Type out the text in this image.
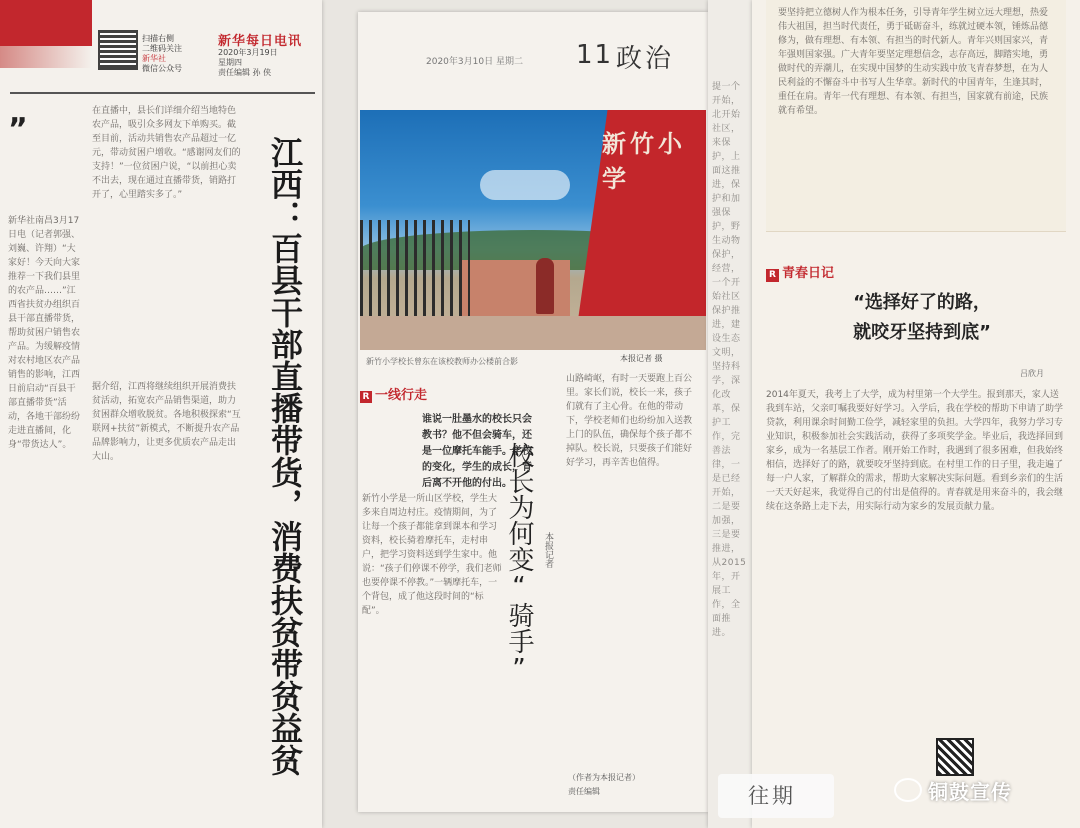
扫描右侧
二维码关注
新华社
微信公众号
新华每日电讯
2020年3月19日
星期四
责任编辑 孙 侠
”
新华社南昌3月17日电（记者郭强、刘巍、许翔）“大家好！今天向大家推荐一下我们县里的农产品……”江西省扶贫办组织百县干部直播带货，帮助贫困户销售农产品。为缓解疫情对农村地区农产品销售的影响，江西日前启动“百县干部直播带货”活动，各地干部纷纷走进直播间，化身“带货达人”。
在直播中，县长们详细介绍当地特色农产品，吸引众多网友下单购买。截至目前，活动共销售农产品超过一亿元，带动贫困户增收。“感谢网友们的支持！”一位贫困户说，“以前担心卖不出去，现在通过直播带货，销路打开了，心里踏实多了。”
据介绍，江西将继续组织开展消费扶贫活动，拓宽农产品销售渠道，助力贫困群众增收脱贫。各地积极探索“互联网+扶贫”新模式，不断提升农产品品牌影响力，让更多优质农产品走出大山。	江西：百县干部直播带货，消费扶贫带贫益贫
2020年3月10日 星期二 11 政治
新竹小学
新竹小学校长曾东在该校教师办公楼前合影	本报记者 摄
R 一线行走
谁说一肚墨水的校长只会教书？他不但会骑车，还是一位摩托车能手。学校的变化，学生的成长，背后离不开他的付出。
校长为何变“骑手” 本报记者
新竹小学是一所山区学校，学生大多来自周边村庄。疫情期间，为了让每一个孩子都能拿到课本和学习资料，校长骑着摩托车，走村串户，把学习资料送到学生家中。他说：“孩子们停课不停学，我们老师也要停课不停教。”一辆摩托车，一个背包，成了他这段时间的“标配”。
山路崎岖，有时一天要跑上百公里。家长们说，校长一来，孩子们就有了主心骨。在他的带动下，学校老师们也纷纷加入送教上门的队伍，确保每个孩子都不掉队。校长说，只要孩子们能好好学习，再辛苦也值得。
（作者为本报记者）
责任编辑
提一个开始，北开始社区，来保护，上面这推进，保护和加强保护，野生动物保护，经营，一个开始社区保护推进，建设生态文明，坚持科学，深化改革，保护工作，完善法律，一是已经开始，二是要加强，三是要推进，从2015年，开展工作，全面推进。
要坚持把立德树人作为根本任务，引导青年学生树立远大理想，热爱伟大祖国，担当时代责任，勇于砥砺奋斗，练就过硬本领，锤炼品德修为，做有理想、有本领、有担当的时代新人。青年兴则国家兴，青年强则国家强。广大青年要坚定理想信念，志存高远，脚踏实地，勇做时代的弄潮儿，在实现中国梦的生动实践中放飞青春梦想，在为人民利益的不懈奋斗中书写人生华章。新时代的中国青年，生逢其时，重任在肩。青年一代有理想、有本领、有担当，国家就有前途，民族就有希望。
R 青春日记
“选择好了的路，
就咬牙坚持到底”
吕欣月
2014年夏天，我考上了大学，成为村里第一个大学生。报到那天，家人送我到车站，父亲叮嘱我要好好学习。入学后，我在学校的帮助下申请了助学贷款，利用课余时间勤工俭学，减轻家里的负担。大学四年，我努力学习专业知识，积极参加社会实践活动，获得了多项奖学金。毕业后，我选择回到家乡，成为一名基层工作者。刚开始工作时，我遇到了很多困难，但我始终相信，选择好了的路，就要咬牙坚持到底。在村里工作的日子里，我走遍了每一户人家，了解群众的需求，帮助大家解决实际问题。看到乡亲们的生活一天天好起来，我觉得自己的付出是值得的。青春就是用来奋斗的，我会继续在这条路上走下去，用实际行动为家乡的发展贡献力量。
往期	铜鼓宣传
